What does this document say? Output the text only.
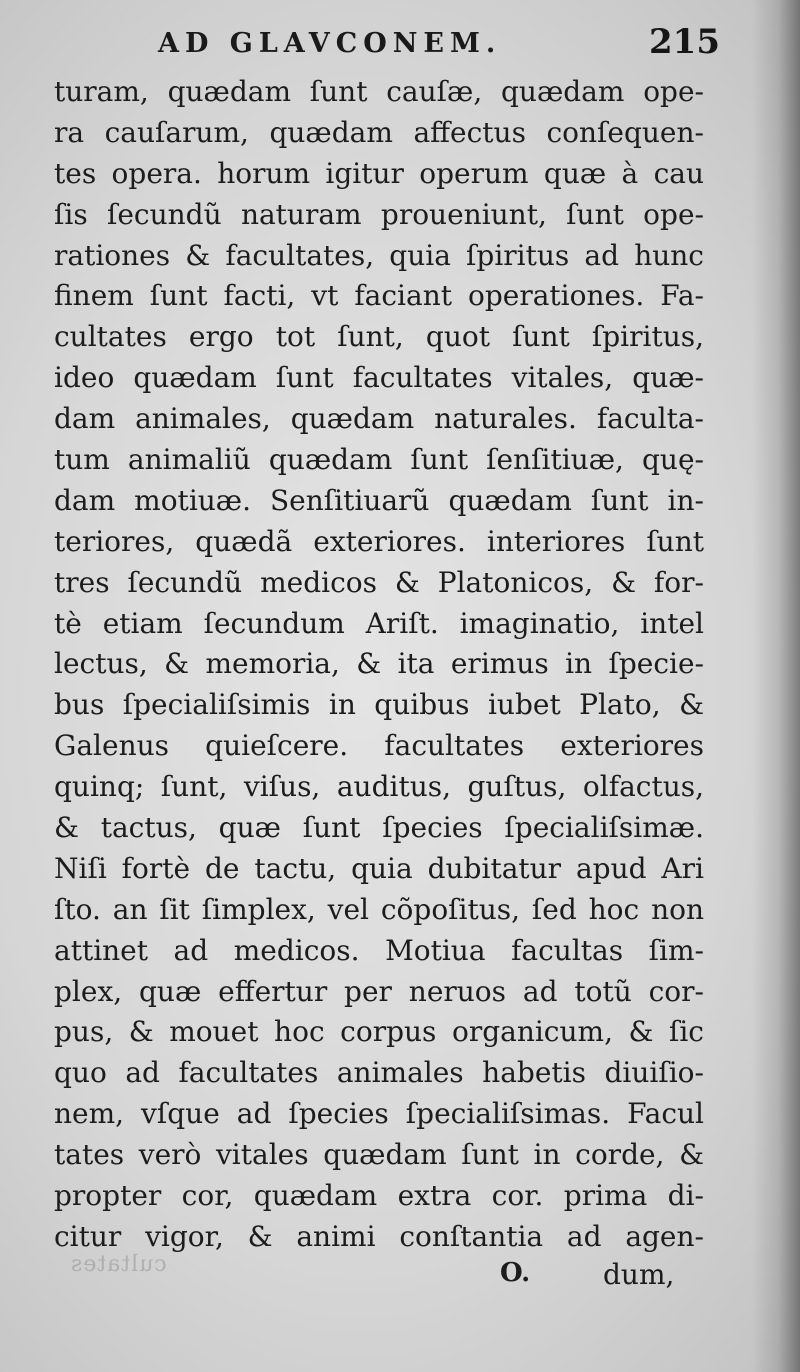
cultates
AD GLAVCONEM.	215
turam, quædam ſunt cauſæ, quædam ope-
ra cauſarum, quædam affectus conſequen-
tes opera. horum igitur operum quæ à cau
ſis ſecundũ naturam proueniunt, ſunt ope-
rationes & facultates, quia ſpiritus ad hunc
finem ſunt facti, vt faciant operationes. Fa-
cultates ergo tot ſunt, quot ſunt ſpiritus,
ideo quædam ſunt facultates vitales, quæ-
dam animales, quædam naturales. faculta-
tum animaliũ quædam ſunt ſenſitiuæ, quę-
dam motiuæ. Senſitiuarũ quædam ſunt in-
teriores, quædã exteriores. interiores ſunt
tres ſecundũ medicos & Platonicos, & for-
tè etiam ſecundum Ariſt. imaginatio, intel
lectus, & memoria, & ita erimus in ſpecie-
bus ſpecialiſsimis in quibus iubet Plato, &
Galenus quieſcere. facultates exteriores
quinq; ſunt, viſus, auditus, guſtus, olfactus,
& tactus, quæ ſunt ſpecies ſpecialiſsimæ.
Niſi fortè de tactu, quia dubitatur apud Ari
ſto. an ſit ſimplex, vel cõpoſitus, ſed hoc non
attinet ad medicos. Motiua facultas ſim-
plex, quæ effertur per neruos ad totũ cor-
pus, & mouet hoc corpus organicum, & ſic
quo ad facultates animales habetis diuiſio-
nem, vſque ad ſpecies ſpecialiſsimas. Facul
tates verò vitales quædam ſunt in corde, &
propter cor, quædam extra cor. prima di-
citur vigor, & animi conſtantia ad agen-
O.	dum,
